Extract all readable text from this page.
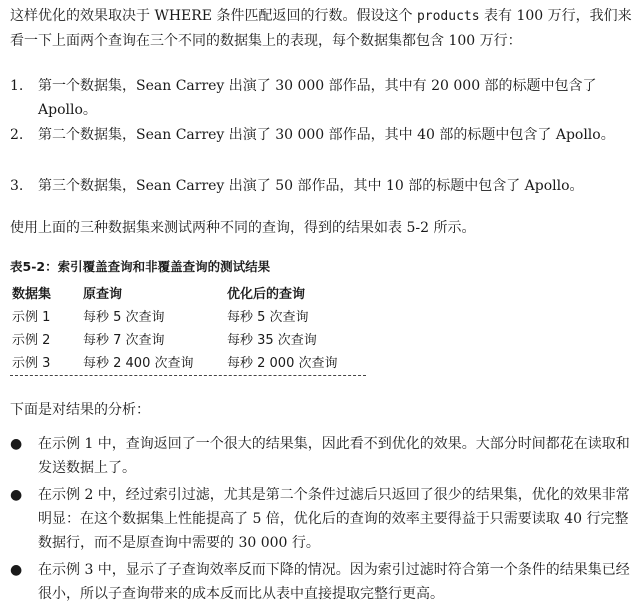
这样优化的效果取决于 WHERE 条件匹配返回的行数。假设这个 products 表有 100 万行，我们来看一下上面两个查询在三个不同的数据集上的表现，每个数据集都包含 100 万行：

1. 第一个数据集，Sean Carrey 出演了 30 000 部作品，其中有 20 000 部的标题中包含了 Apollo。
2. 第二个数据集，Sean Carrey 出演了 30 000 部作品，其中 40 部的标题中包含了 Apollo。
3. 第三个数据集，Sean Carrey 出演了 50 部作品，其中 10 部的标题中包含了 Apollo。

使用上面的三种数据集来测试两种不同的查询，得到的结果如表 5-2 所示。

表5-2：索引覆盖查询和非覆盖查询的测试结果
数据集	原查询	优化后的查询
示例 1	每秒 5 次查询	每秒 5 次查询
示例 2	每秒 7 次查询	每秒 35 次查询
示例 3	每秒 2 400 次查询	每秒 2 000 次查询

下面是对结果的分析：

● 在示例 1 中，查询返回了一个很大的结果集，因此看不到优化的效果。大部分时间都花在读取和发送数据上了。
● 在示例 2 中，经过索引过滤，尤其是第二个条件过滤后只返回了很少的结果集，优化的效果非常明显：在这个数据集上性能提高了 5 倍，优化后的查询的效率主要得益于只需要读取 40 行完整数据行，而不是原查询中需要的 30 000 行。
● 在示例 3 中，显示了子查询效率反而下降的情况。因为索引过滤时符合第一个条件的结果集已经很小，所以子查询带来的成本反而比从表中直接提取完整行更高。
